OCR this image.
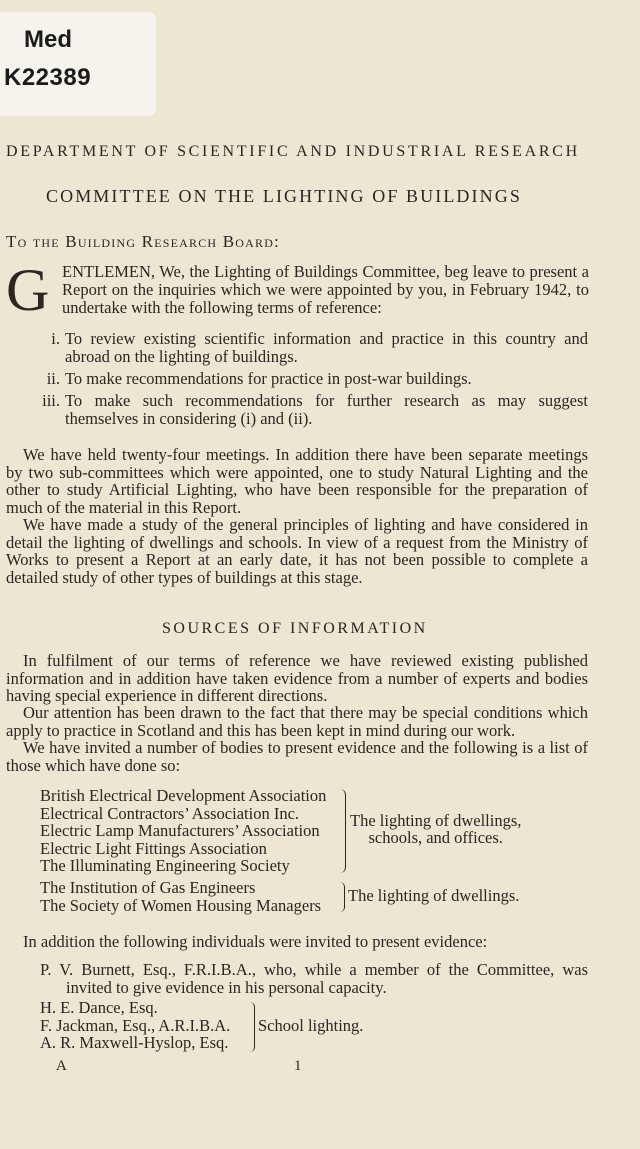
Med
K22389
DEPARTMENT OF SCIENTIFIC AND INDUSTRIAL RESEARCH
COMMITTEE ON THE LIGHTING OF BUILDINGS
To the Building Research Board:
G ENTLEMEN, We, the Lighting of Buildings Committee, beg leave to present a Report on the inquiries which we were appointed by you, in February 1942, to undertake with the following terms of reference:
i. To review existing scientific information and practice in this country and abroad on the lighting of buildings.
ii. To make recommendations for practice in post-war buildings.
iii. To make such recommendations for further research as may suggest themselves in considering (i) and (ii).

We have held twenty-four meetings. In addition there have been separate meetings by two sub-committees which were appointed, one to study Natural Lighting and the other to study Artificial Lighting, who have been responsible for the preparation of much of the material in this Report.

We have made a study of the general principles of lighting and have considered in detail the lighting of dwellings and schools. In view of a request from the Ministry of Works to present a Report at an early date, it has not been possible to complete a detailed study of other types of buildings at this stage.

SOURCES OF INFORMATION

In fulfilment of our terms of reference we have reviewed existing published information and in addition have taken evidence from a number of experts and bodies having special experience in different directions.

Our attention has been drawn to the fact that there may be special conditions which apply to practice in Scotland and this has been kept in mind during our work.

We have invited a number of bodies to present evidence and the following is a list of those which have done so:

British Electrical Development Association
Electrical Contractors’ Association Inc.
Electric Lamp Manufacturers’ Association
Electric Light Fittings Association
The Illuminating Engineering Society
The lighting of dwellings,
schools, and offices.
The Institution of Gas Engineers
The Society of Women Housing Managers The lighting of dwellings.
In addition the following individuals were invited to present evidence:
P. V. Burnett, Esq., F.R.I.B.A., who, while a member of the Committee, was invited to give evidence in his personal capacity.
H. E. Dance, Esq.
F. Jackman, Esq., A.R.I.B.A.
A. R. Maxwell-Hyslop, Esq.
School lighting.
A	1
